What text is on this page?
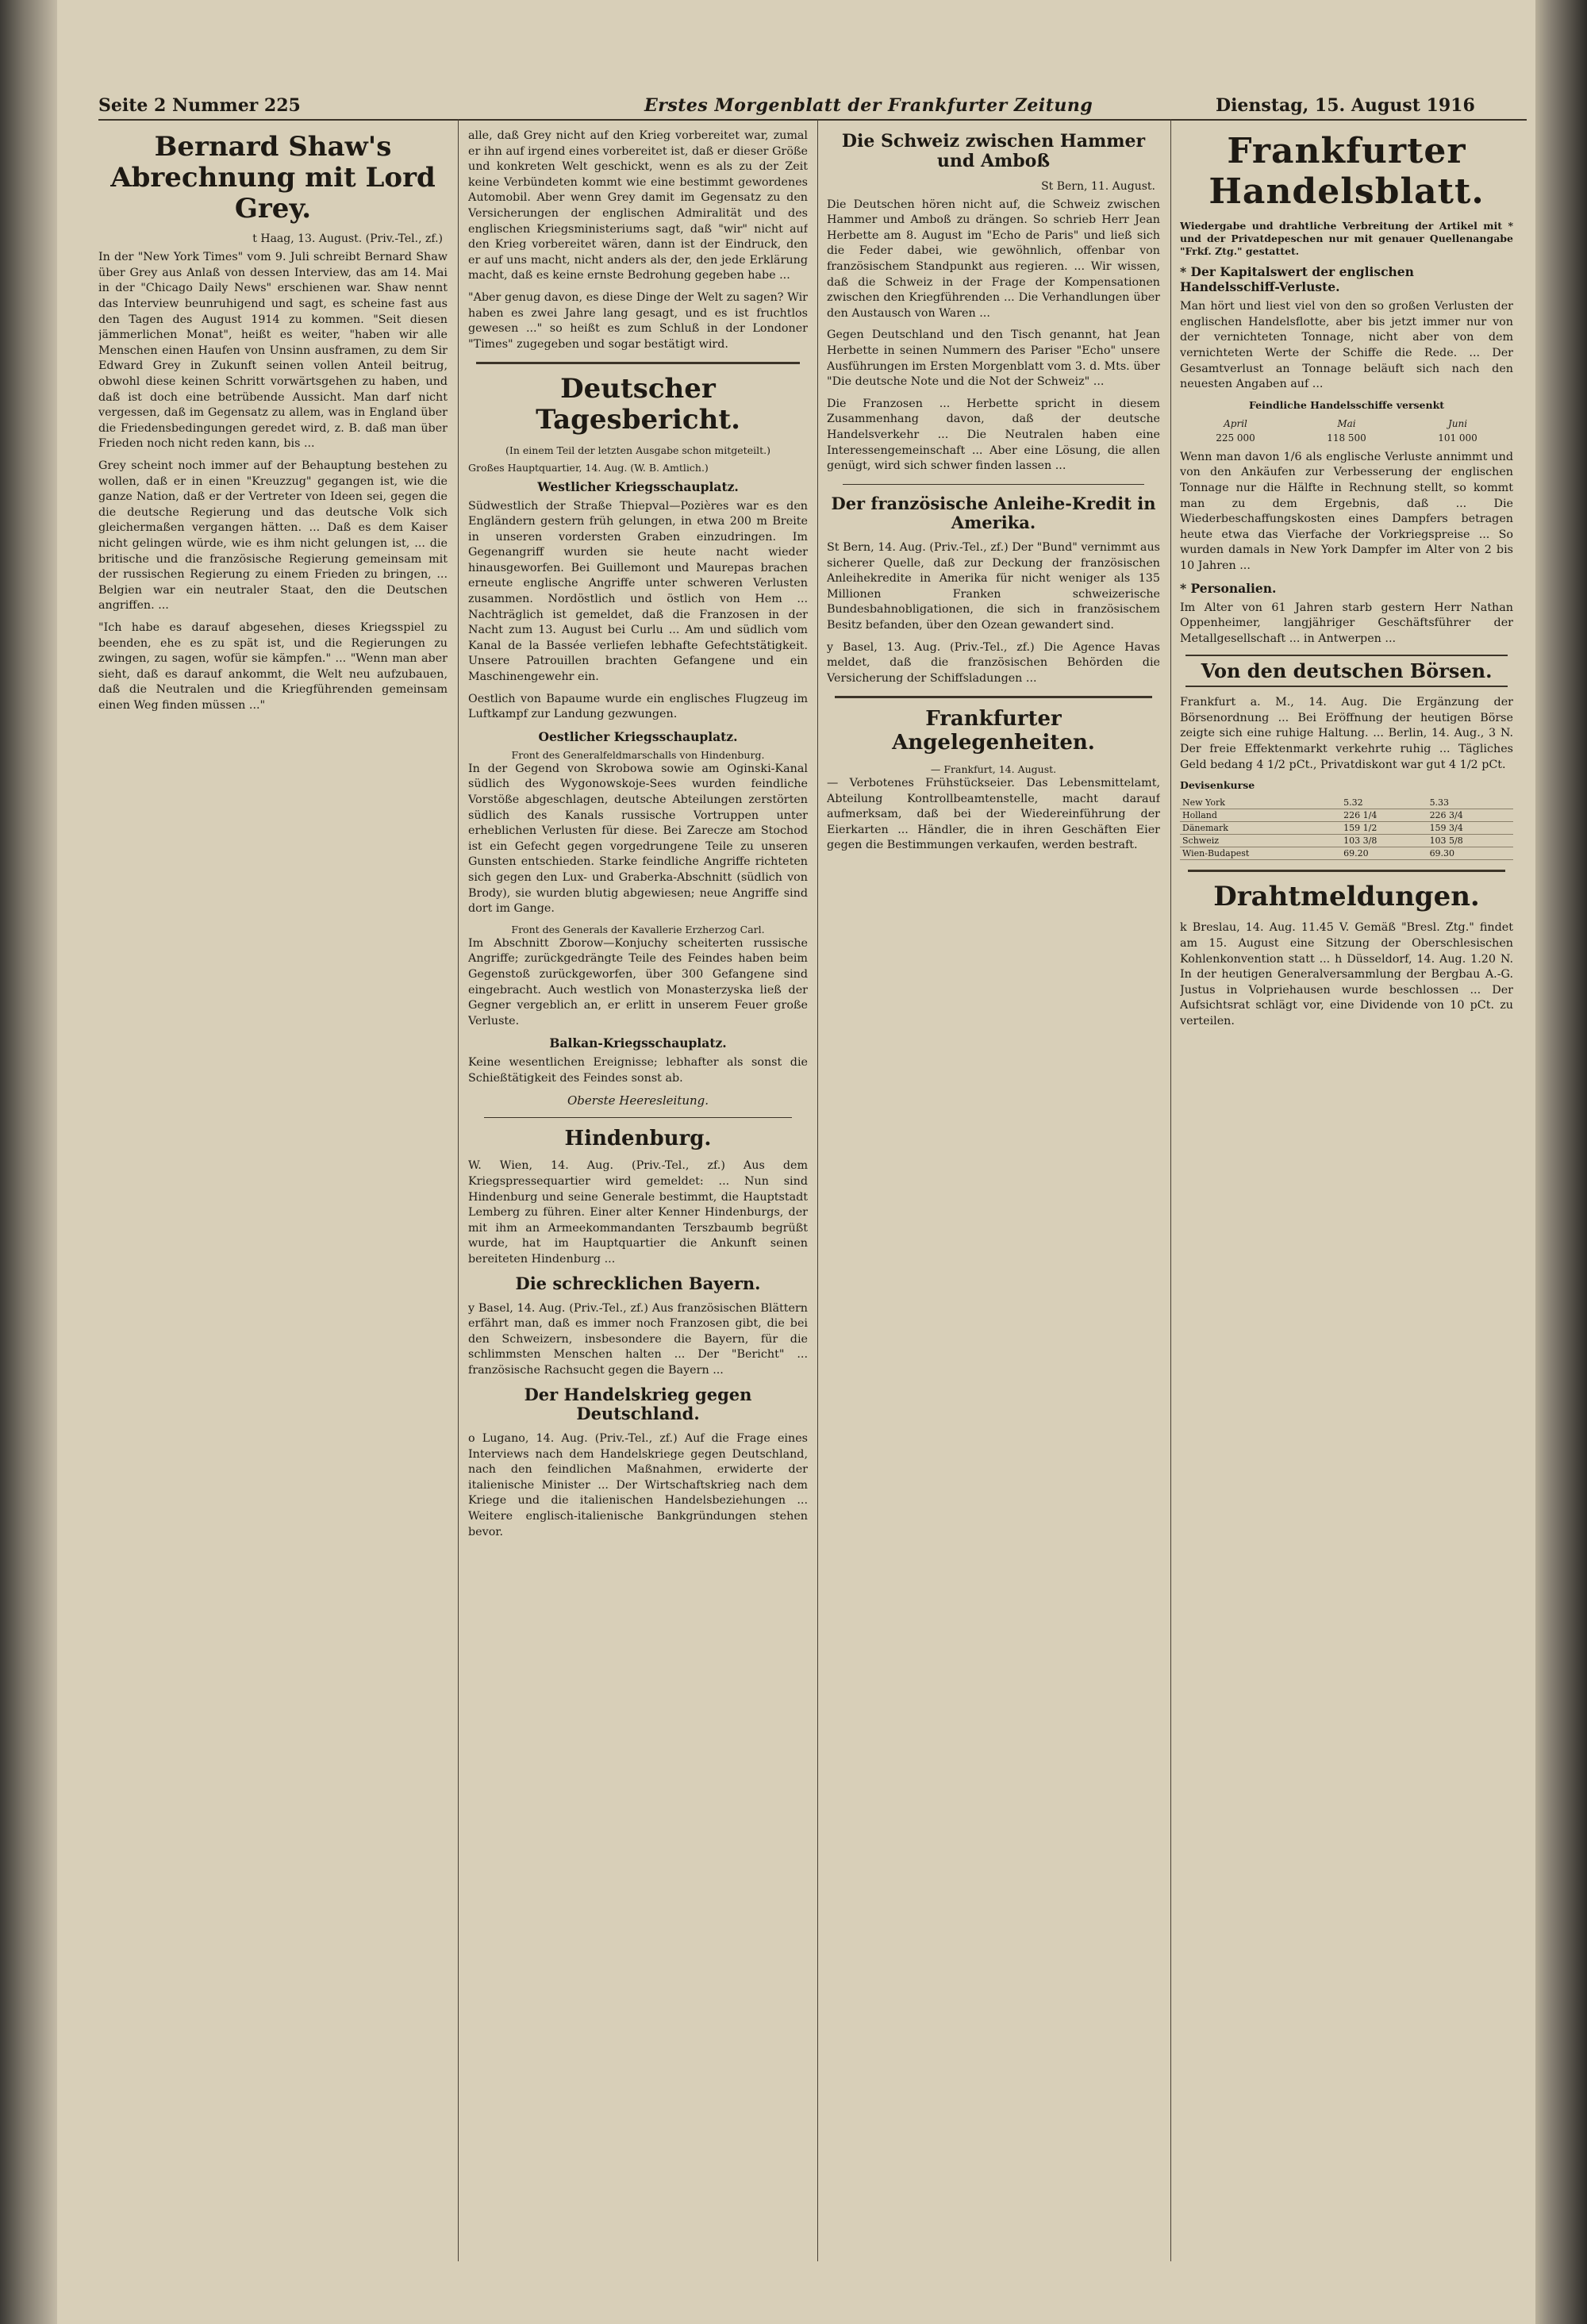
Seite 2 Nummer 225	Erstes Morgenblatt der Frankfurter Zeitung	Dienstag, 15. August 1916
Bernard Shaw's Abrechnung mit Lord Grey.
t Haag, 13. August. (Priv.-Tel., zf.)

In der "New York Times" vom 9. Juli schreibt Bernard Shaw über Grey aus Anlaß von dessen Interview, das am 14. Mai in der "Chicago Daily News" erschienen war. Shaw nennt das Interview beunruhigend und sagt, es scheine fast aus den Tagen des August 1914 zu kommen. "Seit diesen jämmerlichen Monat", heißt es weiter, "haben wir alle Menschen einen Haufen von Unsinn ausframen, zu dem Sir Edward Grey in Zukunft seinen vollen Anteil beitrug, obwohl diese keinen Schritt vorwärtsgehen zu haben, und daß ist doch eine betrübende Aussicht. Man darf nicht vergessen, daß im Gegensatz zu allem, was in England über die Friedensbedingungen geredet wird, z. B. daß man über Frieden noch nicht reden kann, bis ...

Grey scheint noch immer auf der Behauptung bestehen zu wollen, daß er in einen "Kreuzzug" gegangen ist, wie die ganze Nation, daß er der Vertreter von Ideen sei, gegen die die deutsche Regierung und das deutsche Volk sich gleichermaßen vergangen hätten. ... Daß es dem Kaiser nicht gelingen würde, wie es ihm nicht gelungen ist, ... die britische und die französische Regierung gemeinsam mit der russischen Regierung zu einem Frieden zu bringen, ... Belgien war ein neutraler Staat, den die Deutschen angriffen. ...

"Ich habe es darauf abgesehen, dieses Kriegsspiel zu beenden, ehe es zu spät ist, und die Regierungen zu zwingen, zu sagen, wofür sie kämpfen." ... "Wenn man aber sieht, daß es darauf ankommt, die Welt neu aufzubauen, daß die Neutralen und die Kriegführenden gemeinsam einen Weg finden müssen ..."

alle, daß Grey nicht auf den Krieg vorbereitet war, zumal er ihn auf irgend eines vorbereitet ist, daß er dieser Größe und konkreten Welt geschickt, wenn es als zu der Zeit keine Verbündeten kommt wie eine bestimmt gewordenes Automobil. Aber wenn Grey damit im Gegensatz zu den Versicherungen der englischen Admiralität und des englischen Kriegsministeriums sagt, daß "wir" nicht auf den Krieg vorbereitet wären, dann ist der Eindruck, den er auf uns macht, nicht anders als der, den jede Erklärung macht, daß es keine ernste Bedrohung gegeben habe ...

"Aber genug davon, es diese Dinge der Welt zu sagen? Wir haben es zwei Jahre lang gesagt, und es ist fruchtlos gewesen ..." so heißt es zum Schluß in der Londoner "Times" zugegeben und sogar bestätigt wird.

Deutscher Tagesbericht.
(In einem Teil der letzten Ausgabe schon mitgeteilt.)
Großes Hauptquartier, 14. Aug. (W. B. Amtlich.)
Westlicher Kriegsschauplatz.

Südwestlich der Straße Thiepval—Pozières war es den Engländern gestern früh gelungen, in etwa 200 m Breite in unseren vordersten Graben einzudringen. Im Gegenangriff wurden sie heute nacht wieder hinausgeworfen. Bei Guillemont und Maurepas brachen erneute englische Angriffe unter schweren Verlusten zusammen. Nordöstlich und östlich von Hem ... Nachträglich ist gemeldet, daß die Franzosen in der Nacht zum 13. August bei Curlu ... Am und südlich vom Kanal de la Bassée verliefen lebhafte Gefechtstätigkeit. Unsere Patrouillen brachten Gefangene und ein Maschinengewehr ein.

Oestlich von Bapaume wurde ein englisches Flugzeug im Luftkampf zur Landung gezwungen.

Oestlicher Kriegsschauplatz.
Front des Generalfeldmarschalls von Hindenburg.

In der Gegend von Skrobowa sowie am Oginski-Kanal südlich des Wygonowskoje-Sees wurden feindliche Vorstöße abgeschlagen, deutsche Abteilungen zerstörten südlich des Kanals russische Vortruppen unter erheblichen Verlusten für diese. Bei Zarecze am Stochod ist ein Gefecht gegen vorgedrungene Teile zu unseren Gunsten entschieden. Starke feindliche Angriffe richteten sich gegen den Lux- und Graberka-Abschnitt (südlich von Brody), sie wurden blutig abgewiesen; neue Angriffe sind dort im Gange.

Front des Generals der Kavallerie Erzherzog Carl.

Im Abschnitt Zborow—Konjuchy scheiterten russische Angriffe; zurückgedrängte Teile des Feindes haben beim Gegenstoß zurückgeworfen, über 300 Gefangene sind eingebracht. Auch westlich von Monasterzyska ließ der Gegner vergeblich an, er erlitt in unserem Feuer große Verluste.

Balkan-Kriegsschauplatz.

Keine wesentlichen Ereignisse; lebhafter als sonst die Schießtätigkeit des Feindes sonst ab.

Oberste Heeresleitung.
Hindenburg.

W. Wien, 14. Aug. (Priv.-Tel., zf.) Aus dem Kriegspressequartier wird gemeldet: ... Nun sind Hindenburg und seine Generale bestimmt, die Hauptstadt Lemberg zu führen. Einer alter Kenner Hindenburgs, der mit ihm an Armeekommandanten Terszbaumb begrüßt wurde, hat im Hauptquartier die Ankunft seinen bereiteten Hindenburg ...

Die schrecklichen Bayern.

y Basel, 14. Aug. (Priv.-Tel., zf.) Aus französischen Blättern erfährt man, daß es immer noch Franzosen gibt, die bei den Schweizern, insbesondere die Bayern, für die schlimmsten Menschen halten ... Der "Bericht" ... französische Rachsucht gegen die Bayern ...

Der Handelskrieg gegen Deutschland.

o Lugano, 14. Aug. (Priv.-Tel., zf.) Auf die Frage eines Interviews nach dem Handelskriege gegen Deutschland, nach den feindlichen Maßnahmen, erwiderte der italienische Minister ... Der Wirtschaftskrieg nach dem Kriege und die italienischen Handelsbeziehungen ... Weitere englisch-italienische Bankgründungen stehen bevor.

Die Schweiz zwischen Hammer und Amboß
St Bern, 11. August.

Die Deutschen hören nicht auf, die Schweiz zwischen Hammer und Amboß zu drängen. So schrieb Herr Jean Herbette am 8. August im "Echo de Paris" und ließ sich die Feder dabei, wie gewöhnlich, offenbar von französischem Standpunkt aus regieren. ... Wir wissen, daß die Schweiz in der Frage der Kompensationen zwischen den Kriegführenden ... Die Verhandlungen über den Austausch von Waren ...

Gegen Deutschland und den Tisch genannt, hat Jean Herbette in seinen Nummern des Pariser "Echo" unsere Ausführungen im Ersten Morgenblatt vom 3. d. Mts. über "Die deutsche Note und die Not der Schweiz" ...

Die Franzosen ... Herbette spricht in diesem Zusammenhang davon, daß der deutsche Handelsverkehr ... Die Neutralen haben eine Interessengemeinschaft ... Aber eine Lösung, die allen genügt, wird sich schwer finden lassen ...

Der französische Anleihe-Kredit in Amerika.

St Bern, 14. Aug. (Priv.-Tel., zf.) Der "Bund" vernimmt aus sicherer Quelle, daß zur Deckung der französischen Anleihekredite in Amerika für nicht weniger als 135 Millionen Franken schweizerische Bundesbahnobligationen, die sich in französischem Besitz befanden, über den Ozean gewandert sind.

y Basel, 13. Aug. (Priv.-Tel., zf.) Die Agence Havas meldet, daß die französischen Behörden die Versicherung der Schiffsladungen ...

Frankfurter Angelegenheiten.
— Frankfurt, 14. August.

— Verbotenes Frühstückseier. Das Lebensmittelamt, Abteilung Kontrollbeamtenstelle, macht darauf aufmerksam, daß bei der Wiedereinführung der Eierkarten ... Händler, die in ihren Geschäften Eier gegen die Bestimmungen verkaufen, werden bestraft.

Frankfurter Handelsblatt.
Wiedergabe und drahtliche Verbreitung der Artikel mit * und der Privatdepeschen nur mit genauer Quellenangabe "Frkf. Ztg." gestattet.
* Der Kapitalswert der englischen Handelsschiff-Verluste.

Man hört und liest viel von den so großen Verlusten der englischen Handelsflotte, aber bis jetzt immer nur von der vernichteten Tonnage, nicht aber von dem vernichteten Werte der Schiffe die Rede. ... Der Gesamtverlust an Tonnage beläuft sich nach den neuesten Angaben auf ...

Feindliche Handelsschiffe versenkt
April	Mai	Juni
225 000	118 500	101 000

Wenn man davon 1/6 als englische Verluste annimmt und von den Ankäufen zur Verbesserung der englischen Tonnage nur die Hälfte in Rechnung stellt, so kommt man zu dem Ergebnis, daß ... Die Wiederbeschaffungskosten eines Dampfers betragen heute etwa das Vierfache der Vorkriegspreise ... So wurden damals in New York Dampfer im Alter von 2 bis 10 Jahren ...

* Personalien.

Im Alter von 61 Jahren starb gestern Herr Nathan Oppenheimer, langjähriger Geschäftsführer der Metallgesellschaft ... in Antwerpen ...

Von den deutschen Börsen.

Frankfurt a. M., 14. Aug. Die Ergänzung der Börsenordnung ... Bei Eröffnung der heutigen Börse zeigte sich eine ruhige Haltung. ... Berlin, 14. Aug., 3 N. Der freie Effektenmarkt verkehrte ruhig ... Tägliches Geld bedang 4 1/2 pCt., Privatdiskont war gut 4 1/2 pCt.

Devisenkurse
New York	5.32	5.33
Holland	226 1/4	226 3/4
Dänemark	159 1/2	159 3/4
Schweiz	103 3/8	103 5/8
Wien-Budapest	69.20	69.30
Drahtmeldungen.

k Breslau, 14. Aug. 11.45 V. Gemäß "Bresl. Ztg." findet am 15. August eine Sitzung der Oberschlesischen Kohlenkonvention statt ... h Düsseldorf, 14. Aug. 1.20 N. In der heutigen Generalversammlung der Bergbau A.-G. Justus in Volpriehausen wurde beschlossen ... Der Aufsichtsrat schlägt vor, eine Dividende von 10 pCt. zu verteilen.
